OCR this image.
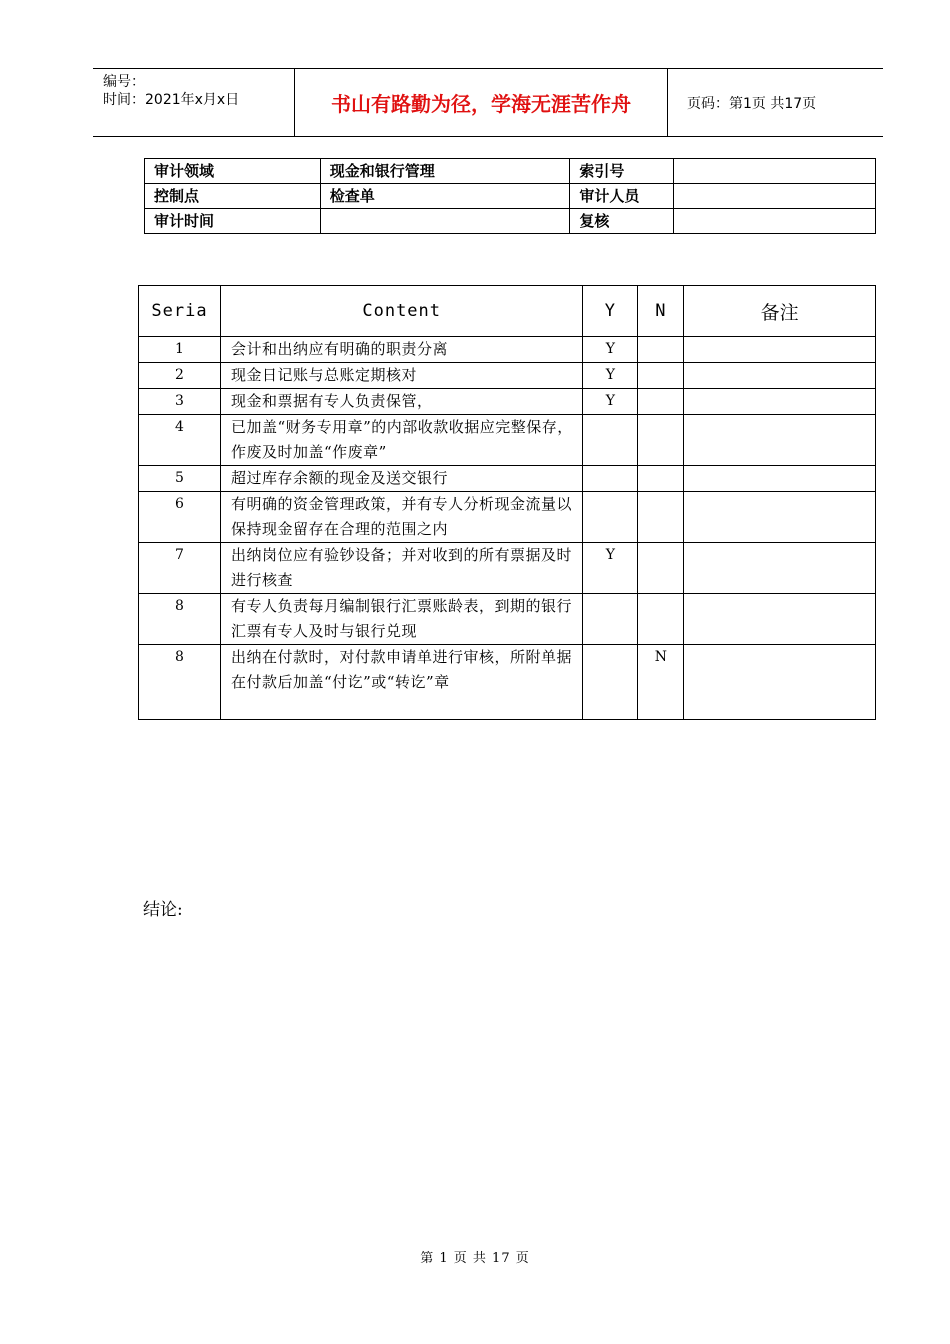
编号：
时间：2021年x月x日	书山有路勤为径，学海无涯苦作舟	页码：第1页 共17页
审计领域	现金和银行管理	索引号	
控制点	检查单	审计人员	
审计时间		复核	
Seria	Content	Y	N	备注
1	会计和出纳应有明确的职责分离	Y		
2	现金日记账与总账定期核对	Y		
3	现金和票据有专人负责保管，	Y		
4	已加盖“财务专用章”的内部收款收据应完整保存，作废及时加盖“作废章”			
5	超过库存余额的现金及送交银行			
6	有明确的资金管理政策，并有专人分析现金流量以保持现金留存在合理的范围之内			
7	出纳岗位应有验钞设备；并对收到的所有票据及时进行核查	Y		
8	有专人负责每月编制银行汇票账龄表，到期的银行汇票有专人及时与银行兑现			
8	出纳在付款时，对付款申请单进行审核，所附单据在付款后加盖“付讫”或“转讫”章		N	
结论:
第 1 页 共 17 页
